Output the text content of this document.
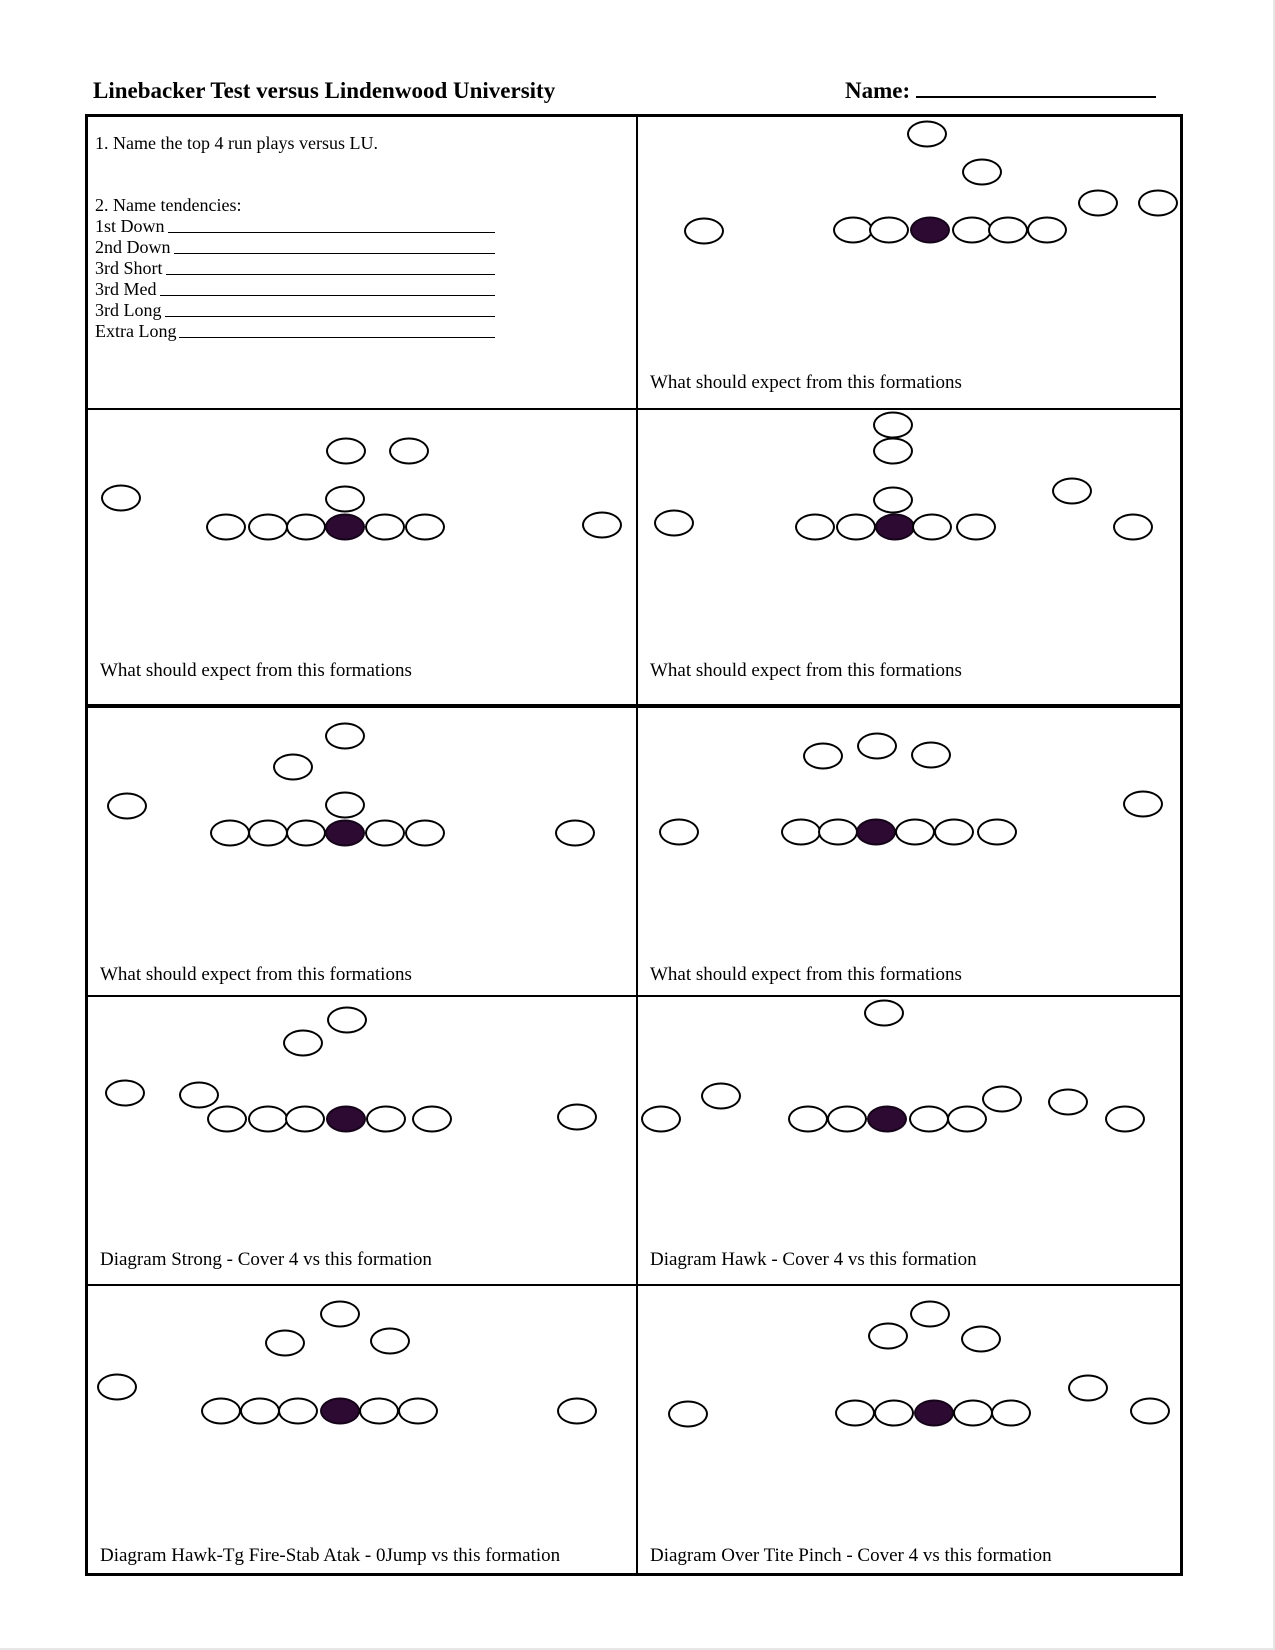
Linebacker Test versus Lindenwood University	Name:
1. Name the top 4 run plays versus LU.
2. Name tendencies:
1st Down
2nd Down
3rd Short
3rd Med
3rd Long
Extra Long
What should expect from this formations
What should expect from this formations	What should expect from this formations
What should expect from this formations	What should expect from this formations
Diagram Strong - Cover 4 vs this formation	Diagram Hawk - Cover 4 vs this formation
Diagram Hawk-Tg Fire-Stab Atak - 0Jump vs this formation	Diagram Over Tite Pinch - Cover 4 vs this formation
